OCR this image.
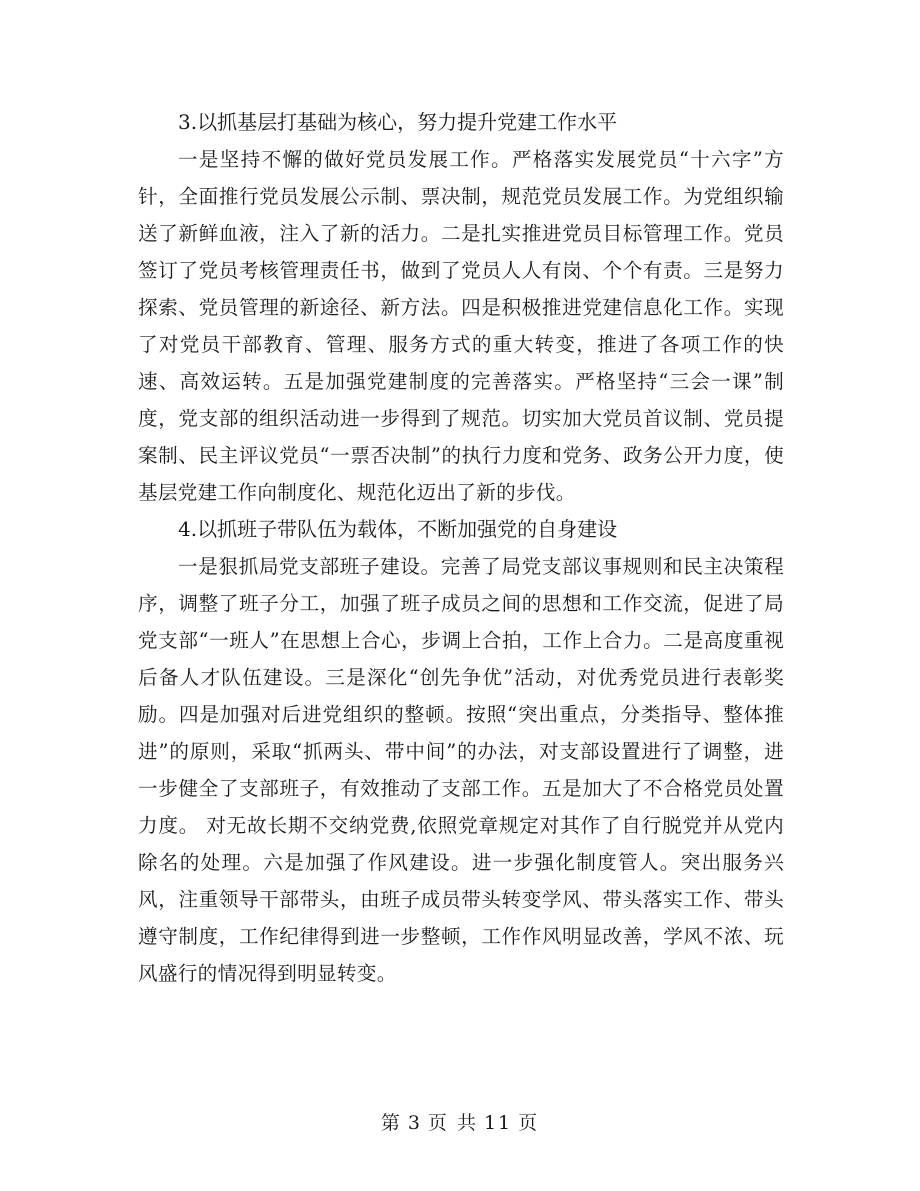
3.以抓基层打基础为核心，努力提升党建工作水平

一是坚持不懈的做好党员发展工作。严格落实发展党员“十六字”方针，全面推行党员发展公示制、票决制，规范党员发展工作。为党组织输送了新鲜血液，注入了新的活力。二是扎实推进党员目标管理工作。党员签订了党员考核管理责任书，做到了党员人人有岗、个个有责。三是努力探索、党员管理的新途径、新方法。四是积极推进党建信息化工作。实现了对党员干部教育、管理、服务方式的重大转变，推进了各项工作的快速、高效运转。五是加强党建制度的完善落实。严格坚持“三会一课”制度，党支部的组织活动进一步得到了规范。切实加大党员首议制、党员提案制、民主评议党员“一票否决制”的执行力度和党务、政务公开力度，使基层党建工作向制度化、规范化迈出了新的步伐。

4.以抓班子带队伍为载体，不断加强党的自身建设

一是狠抓局党支部班子建设。完善了局党支部议事规则和民主决策程序，调整了班子分工，加强了班子成员之间的思想和工作交流，促进了局党支部“一班人”在思想上合心，步调上合拍，工作上合力。二是高度重视后备人才队伍建设。三是深化“创先争优”活动，对优秀党员进行表彰奖励。四是加强对后进党组织的整顿。按照“突出重点，分类指导、整体推进”的原则，采取“抓两头、带中间”的办法，对支部设置进行了调整，进一步健全了支部班子，有效推动了支部工作。五是加大了不合格党员处置力度。 对无故长期不交纳党费,依照党章规定对其作了自行脱党并从党内除名的处理。六是加强了作风建设。进一步强化制度管人。突出服务兴风，注重领导干部带头，由班子成员带头转变学风、带头落实工作、带头遵守制度，工作纪律得到进一步整顿，工作作风明显改善，学风不浓、玩风盛行的情况得到明显转变。

第 3 页 共 11 页
